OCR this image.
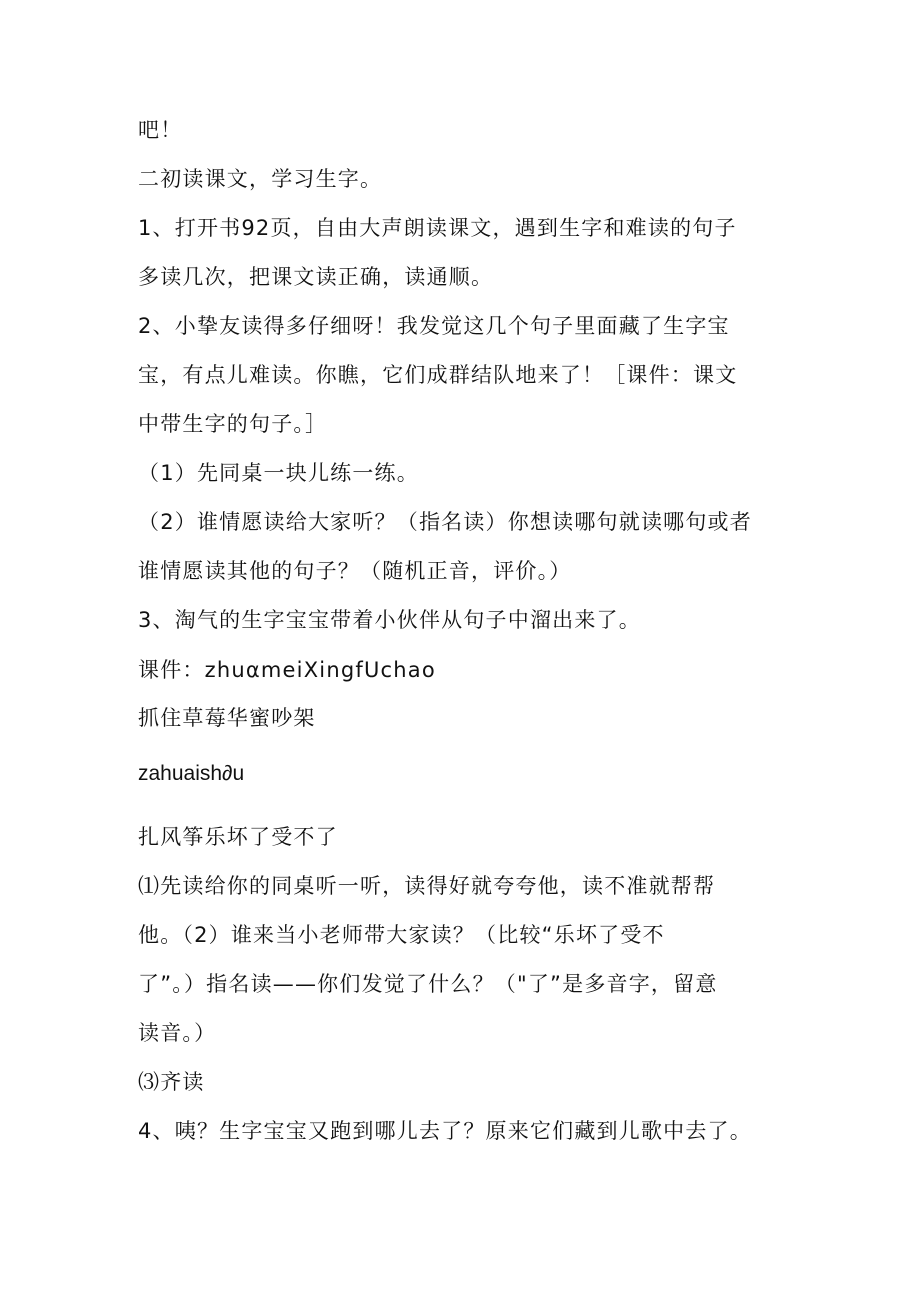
吧！
二初读课文，学习生字。
1、打开书92页，自由大声朗读课文，遇到生字和难读的句子
多读几次，把课文读正确，读通顺。
2、小挚友读得多仔细呀！我发觉这几个句子里面藏了生字宝
宝，有点儿难读。你瞧，它们成群结队地来了！［课件：课文
中带生字的句子。］
（1）先同桌一块儿练一练。
（2）谁情愿读给大家听？（指名读）你想读哪句就读哪句或者
谁情愿读其他的句子？（随机正音，评价。）
3、淘气的生字宝宝带着小伙伴从句子中溜出来了。
课件：zhuαmeiXingfUchao
抓住草莓华蜜吵架
zahuaish∂u
扎风筝乐坏了受不了
⑴先读给你的同桌听一听，读得好就夸夸他，读不准就帮帮
他。（2）谁来当小老师带大家读？（比较“乐坏了受不
了”。）指名读——你们发觉了什么？（"了”是多音字，留意
读音。）
⑶齐读
4、咦？生字宝宝又跑到哪儿去了？原来它们藏到儿歌中去了。
